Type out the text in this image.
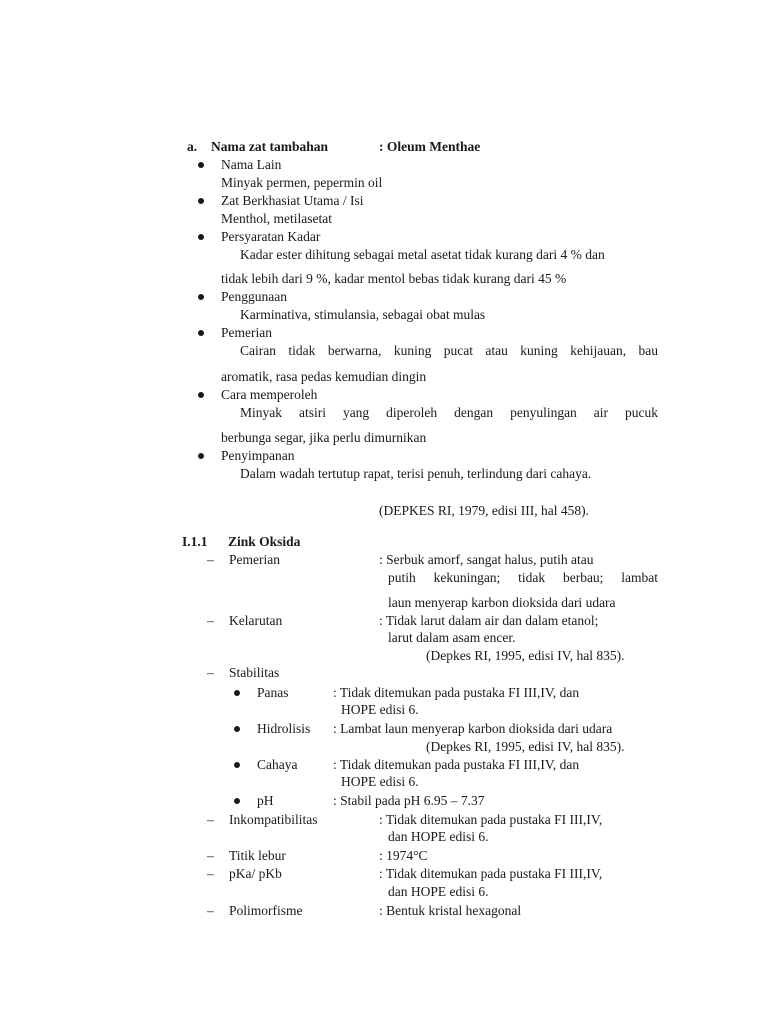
a. Nama zat tambahan	: Oleum Menthae
Nama Lain
Minyak permen, pepermin oil
Zat Berkhasiat Utama / Isi
Menthol, metilasetat
Persyaratan Kadar
Kadar ester dihitung sebagai metal asetat tidak kurang dari 4 % dan
tidak lebih dari 9 %, kadar mentol bebas tidak kurang dari 45 %
Penggunaan
Karminativa, stimulansia, sebagai obat mulas
Pemerian
Cairan tidak berwarna, kuning pucat atau kuning kehijauan, bau
aromatik, rasa pedas kemudian dingin
Cara memperoleh
Minyak atsiri yang diperoleh dengan penyulingan air pucuk
berbunga segar, jika perlu dimurnikan
Penyimpanan
Dalam wadah tertutup rapat, terisi penuh, terlindung dari cahaya.
(DEPKES RI, 1979, edisi III, hal 458).
I.1.1 Zink Oksida
– Pemerian	: Serbuk amorf, sangat halus, putih atau
putih kekuningan; tidak berbau; lambat
laun menyerap karbon dioksida dari udara
– Kelarutan	: Tidak larut dalam air dan dalam etanol;
larut dalam asam encer.
(Depkes RI, 1995, edisi IV, hal 835).
– Stabilitas
Panas	: Tidak ditemukan pada pustaka FI III,IV, dan
HOPE edisi 6.
Hidrolisis : Lambat laun menyerap karbon dioksida dari udara
(Depkes RI, 1995, edisi IV, hal 835).
Cahaya	: Tidak ditemukan pada pustaka FI III,IV, dan
HOPE edisi 6.
pH	: Stabil pada pH 6.95 – 7.37
– Inkompatibilitas	: Tidak ditemukan pada pustaka FI III,IV,
dan HOPE edisi 6.
– Titik lebur	: 1974°C
– pKa/ pKb	: Tidak ditemukan pada pustaka FI III,IV,
dan HOPE edisi 6.
– Polimorfisme	: Bentuk kristal hexagonal
